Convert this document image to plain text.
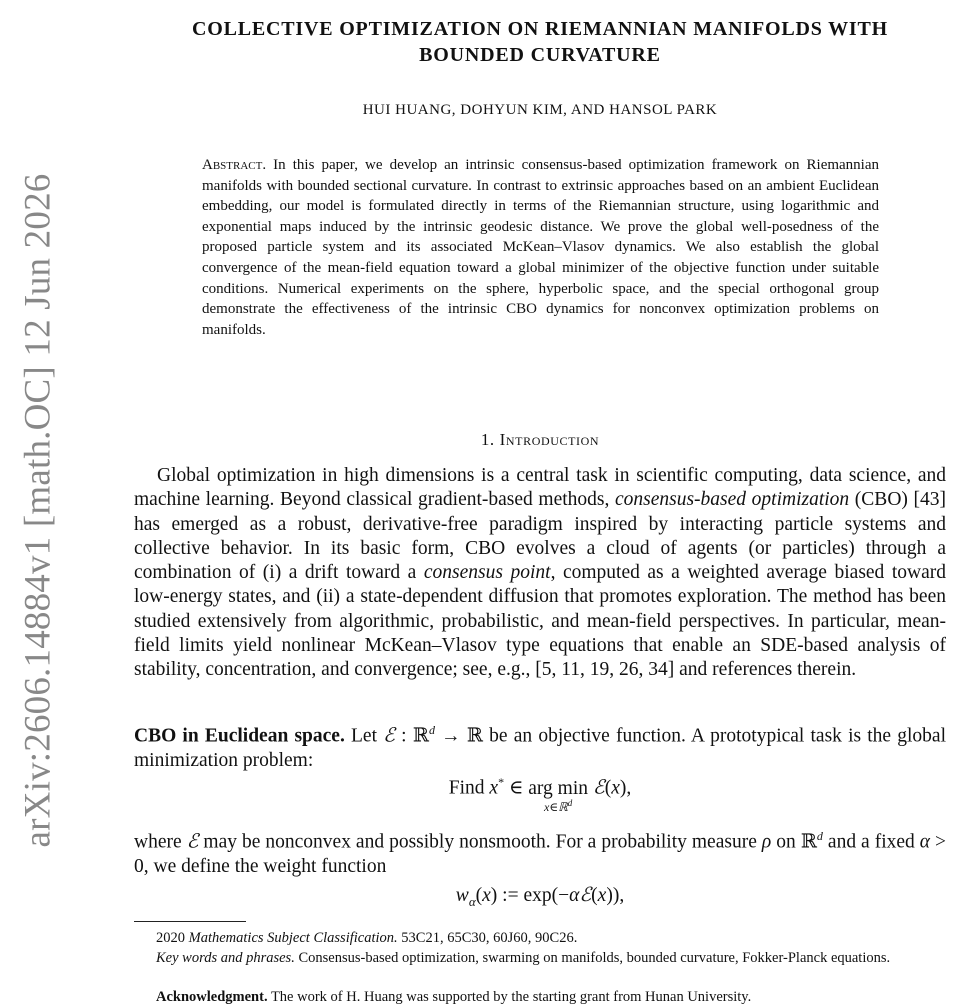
arXiv:2606.14884v1 [math.OC] 12 Jun 2026
COLLECTIVE OPTIMIZATION ON RIEMANNIAN MANIFOLDS WITH
BOUNDED CURVATURE
HUI HUANG, DOHYUN KIM, AND HANSOL PARK
Abstract. In this paper, we develop an intrinsic consensus-based optimization framework on Riemannian manifolds with bounded sectional curvature. In contrast to extrinsic approaches based on an ambient Euclidean embedding, our model is formulated directly in terms of the Riemannian structure, using logarithmic and exponential maps induced by the intrinsic geodesic distance. We prove the global well-posedness of the proposed particle system and its associated McKean–Vlasov dynamics. We also establish the global convergence of the mean-field equation toward a global minimizer of the objective function under suitable conditions. Numerical experiments on the sphere, hyperbolic space, and the special orthogonal group demonstrate the effectiveness of the intrinsic CBO dynamics for nonconvex optimization problems on manifolds.
1. Introduction

Global optimization in high dimensions is a central task in scientific computing, data science, and machine learning. Beyond classical gradient-based methods, consensus-based optimization (CBO) [43] has emerged as a robust, derivative-free paradigm inspired by interacting particle systems and collective behavior. In its basic form, CBO evolves a cloud of agents (or particles) through a combination of (i) a drift toward a consensus point, computed as a weighted average biased toward low-energy states, and (ii) a state-dependent diffusion that promotes exploration. The method has been studied extensively from algorithmic, probabilistic, and mean-field perspectives. In particular, mean-field limits yield nonlinear McKean–Vlasov type equations that enable an SDE-based analysis of stability, concentration, and convergence; see, e.g., [5, 11, 19, 26, 34] and references therein.

CBO in Euclidean space. Let ℰ : ℝ$^d$ → ℝ be an objective function. A prototypical task is the global minimization problem:

Find x* ∈ arg min
x∈ℝ$^d$
ℰ(x),

where ℰ may be nonconvex and possibly nonsmooth. For a probability measure ρ on ℝ$^d$ and a fixed α > 0, we define the weight function

$w_\alpha(x)$ := exp(−αℰ(x)),

2020 Mathematics Subject Classification. 53C21, 65C30, 60J60, 90C26.

Key words and phrases. Consensus-based optimization, swarming on manifolds, bounded curvature, Fokker-Planck equations.

Acknowledgment. The work of H. Huang was supported by the starting grant from Hunan University.
